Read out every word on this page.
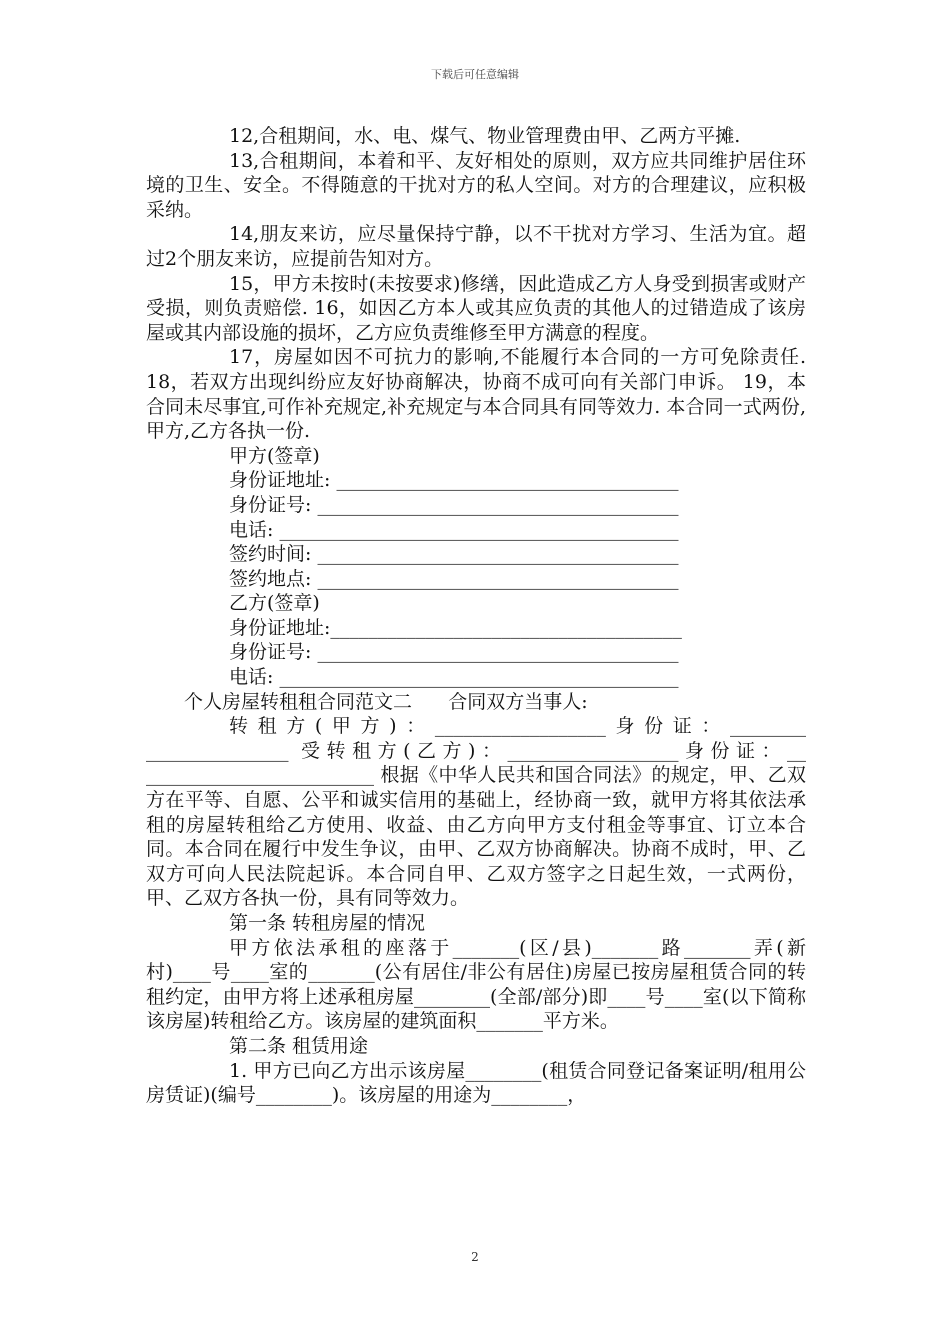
下载后可任意编辑

12,合租期间，水、电、煤气、物业管理费由甲、乙两方平摊.

13,合租期间，本着和平、友好相处的原则，双方应共同维护居住环境的卫生、安全。不得随意的干扰对方的私人空间。对方的合理建议，应积极采纳。

14,朋友来访，应尽量保持宁静，以不干扰对方学习、生活为宜。超过2个朋友来访，应提前告知对方。

15，甲方未按时(未按要求)修缮，因此造成乙方人身受到损害或财产受损，则负责赔偿. 16，如因乙方本人或其应负责的其他人的过错造成了该房屋或其内部设施的损坏，乙方应负责维修至甲方满意的程度。

17，房屋如因不可抗力的影响,不能履行本合同的一方可免除责任. 18，若双方出现纠纷应友好协商解决，协商不成可向有关部门申诉。 19，本合同未尽事宜,可作补充规定,补充规定与本合同具有同等效力. 本合同一式两份,甲方,乙方各执一份.

甲方(签章)

身份证地址: ____________________________________

身份证号: ______________________________________

电话: __________________________________________

签约时间: ______________________________________

签约地点: ______________________________________

乙方(签章)

身份证地址:_____________________________________

身份证号: ______________________________________

电话: __________________________________________

个人房屋转租租合同范文二      合同双方当事人:

转租方(甲方)：__________________身份证：________ _______________ 受转租方(乙方)：__________________身份证：__ ________________________ 根据《中华人民共和国合同法》的规定，甲、乙双方在平等、自愿、公平和诚实信用的基础上，经协商一致，就甲方将其依法承租的房屋转租给乙方使用、收益、由乙方向甲方支付租金等事宜、订立本合同。本合同在履行中发生争议，由甲、乙双方协商解决。协商不成时，甲、乙双方可向人民法院起诉。本合同自甲、乙双方签字之日起生效，一式两份，甲、乙双方各执一份，具有同等效力。

第一条 转租房屋的情况

甲方依法承租的座落于_______(区/县)_______路_______弄(新村)____号____室的_______(公有居住/非公有居住)房屋已按房屋租赁合同的转租约定，由甲方将上述承租房屋________(全部/部分)即____号____室(以下简称该房屋)转租给乙方。该房屋的建筑面积_______平方米。

第二条 租赁用途

1. 甲方已向乙方出示该房屋________(租赁合同登记备案证明/租用公房赁证)(编号________)。该房屋的用途为________，

2
